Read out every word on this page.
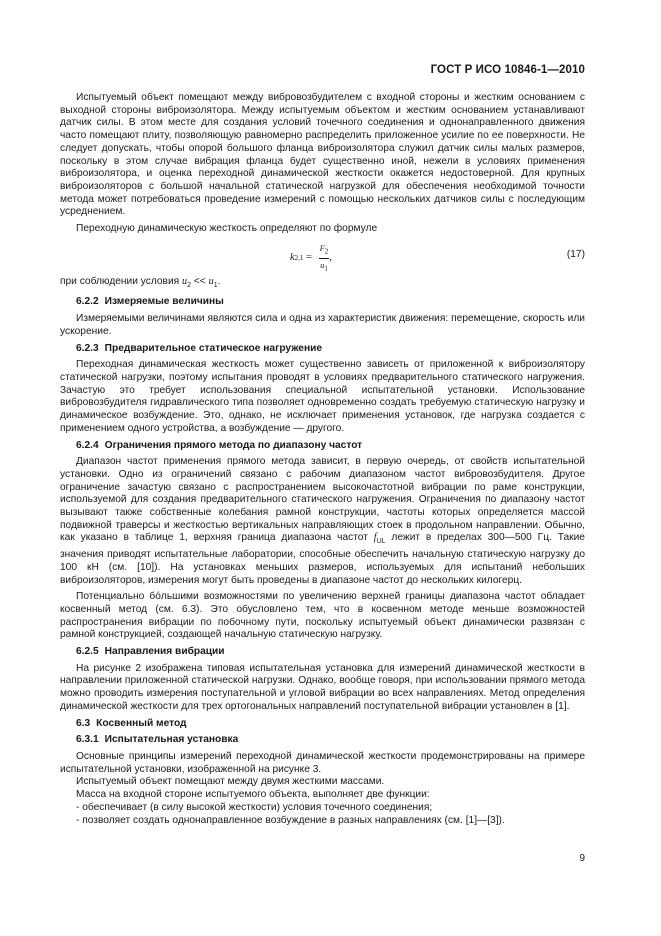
ГОСТ Р ИСО 10846-1—2010

Испытуемый объект помещают между вибровозбудителем с входной стороны и жестким основанием с выходной стороны виброизолятора. Между испытуемым объектом и жестким основанием устанавливают датчик силы. В этом месте для создания условий точечного соединения и однонаправленного движения часто помещают плиту, позволяющую равномерно распределить приложенное усилие по ее поверхности. Не следует допускать, чтобы опорой большого фланца виброизолятора служил датчик силы малых размеров, поскольку в этом случае вибрация фланца будет существенно иной, нежели в условиях применения виброизолятора, и оценка переходной динамической жесткости окажется недостоверной. Для крупных виброизоляторов с большой начальной статической нагрузкой для обеспечения необходимой точности метода может потребоваться проведение измерений с помощью нескольких датчиков силы с последующим усреднением.

Переходную динамическую жесткость определяют по формуле

k $2,1 = \frac{F_2}{u_1}$ ,	(17)

при соблюдении условия $u_2 << u_1$.

6.2.2 Измеряемые величины

Измеряемыми величинами являются сила и одна из характеристик движения: перемещение, скорость или ускорение.

6.2.3 Предварительное статическое нагружение

Переходная динамическая жесткость может существенно зависеть от приложенной к виброизолятору статической нагрузки, поэтому испытания проводят в условиях предварительного статического нагружения. Зачастую это требует использования специальной испытательной установки. Использование вибровозбудителя гидравлического типа позволяет одновременно создать требуемую статическую нагрузку и динамическое возбуждение. Это, однако, не исключает применения установок, где нагрузка создается с применением одного устройства, а возбуждение — другого.

6.2.4 Ограничения прямого метода по диапазону частот

Диапазон частот применения прямого метода зависит, в первую очередь, от свойств испытательной установки. Одно из ограничений связано с рабочим диапазоном частот вибровозбудителя. Другое ограничение зачастую связано с распространением высокочастотной вибрации по раме конструкции, используемой для создания предварительного статического нагружения. Ограничения по диапазону частот вызывают также собственные колебания рамной конструкции, частоты которых определяется массой подвижной траверсы и жесткостью вертикальных направляющих стоек в продольном направлении. Обычно, как указано в таблице 1, верхняя граница диапазона частот $f_{UL}$ лежит в пределах 300—500 Гц. Такие значения приводят испытательные лаборатории, способные обеспечить начальную статическую нагрузку до 100 кН (см. [10]). На установках меньших размеров, используемых для испытаний небольших виброизоляторов, измерения могут быть проведены в диапазоне частот до нескольких килогерц.

Потенциально бóльшими возможностями по увеличению верхней границы диапазона частот обладает косвенный метод (см. 6.3). Это обусловлено тем, что в косвенном методе меньше возможностей распространения вибрации по побочному пути, поскольку испытуемый объект динамически развязан с рамной конструкцией, создающей начальную статическую нагрузку.

6.2.5 Направления вибрации

На рисунке 2 изображена типовая испытательная установка для измерений динамической жесткости в направлении приложенной статической нагрузки. Однако, вообще говоря, при использовании прямого метода можно проводить измерения поступательной и угловой вибрации во всех направлениях. Метод определения динамической жесткости для трех ортогональных направлений поступательной вибрации установлен в [1].

6.3 Косвенный метод
6.3.1 Испытательная установка

Основные принципы измерений переходной динамической жесткости продемонстрированы на примере испытательной установки, изображенной на рисунке 3.

Испытуемый объект помещают между двумя жесткими массами.

Масса на входной стороне испытуемого объекта, выполняет две функции:

- обеспечивает (в силу высокой жесткости) условия точечного соединения;

- позволяет создать однонаправленное возбуждение в разных направлениях (см. [1]—[3]).

9
